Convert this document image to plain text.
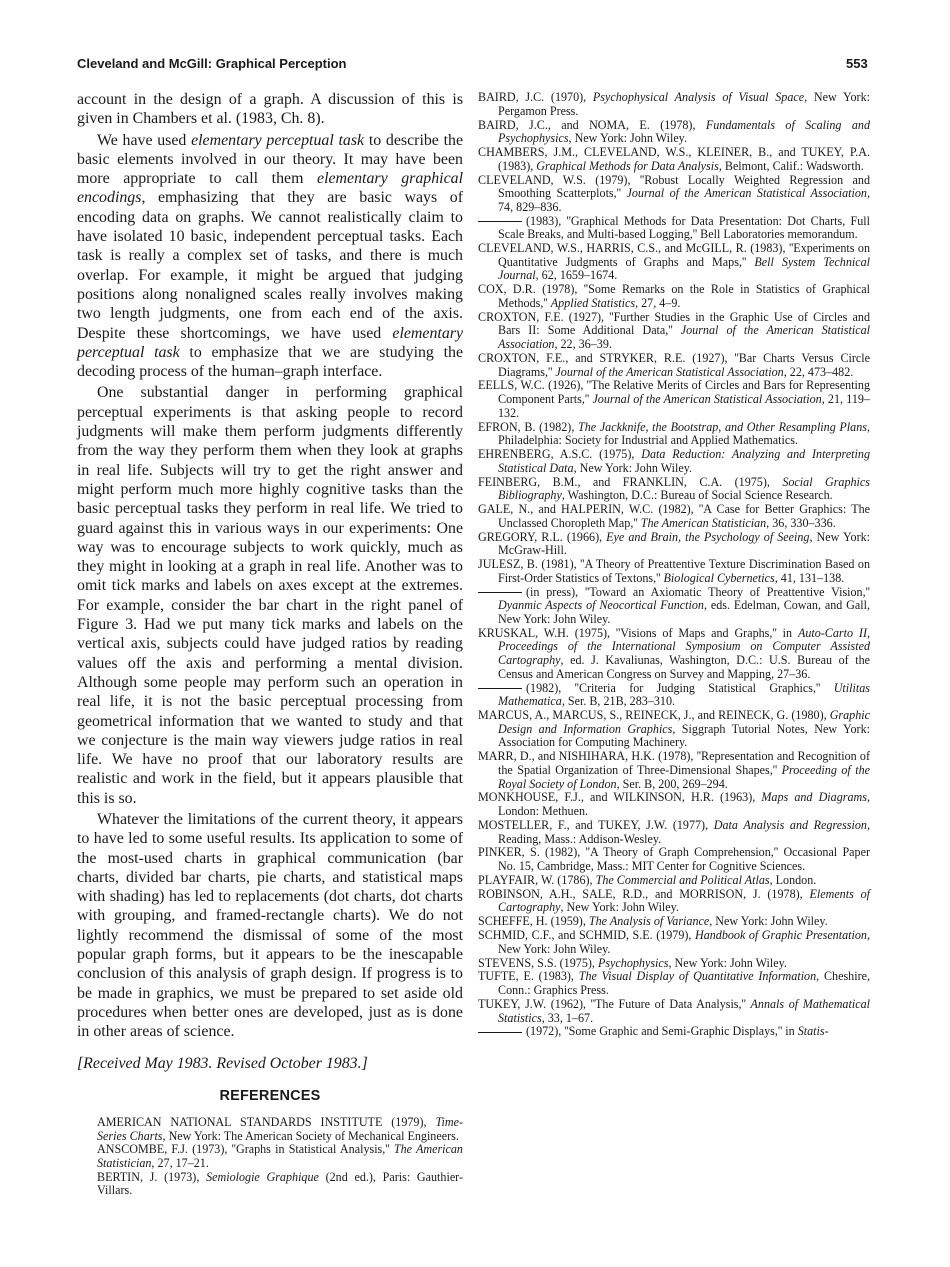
Cleveland and McGill: Graphical Perception	553

account in the design of a graph. A discussion of this is given in Chambers et al. (1983, Ch. 8).

We have used elementary perceptual task to describe the basic elements involved in our theory. It may have been more appropriate to call them elementary graphical encodings, emphasizing that they are basic ways of encoding data on graphs. We cannot realistically claim to have isolated 10 basic, independent perceptual tasks. Each task is really a complex set of tasks, and there is much overlap. For example, it might be argued that judging positions along nonaligned scales really involves making two length judgments, one from each end of the axis. Despite these shortcomings, we have used elementary perceptual task to emphasize that we are studying the decoding process of the human–graph interface.

One substantial danger in performing graphical perceptual experiments is that asking people to record judgments will make them perform judgments differently from the way they perform them when they look at graphs in real life. Subjects will try to get the right answer and might perform much more highly cognitive tasks than the basic perceptual tasks they perform in real life. We tried to guard against this in various ways in our experiments: One way was to encourage subjects to work quickly, much as they might in looking at a graph in real life. Another was to omit tick marks and labels on axes except at the extremes. For example, consider the bar chart in the right panel of Figure 3. Had we put many tick marks and labels on the vertical axis, subjects could have judged ratios by reading values off the axis and performing a mental division. Although some people may perform such an operation in real life, it is not the basic perceptual processing from geometrical information that we wanted to study and that we conjecture is the main way viewers judge ratios in real life. We have no proof that our laboratory results are realistic and work in the field, but it appears plausible that this is so.

Whatever the limitations of the current theory, it appears to have led to some useful results. Its application to some of the most-used charts in graphical communication (bar charts, divided bar charts, pie charts, and statistical maps with shading) has led to replacements (dot charts, dot charts with grouping, and framed-rectangle charts). We do not lightly recommend the dismissal of some of the most popular graph forms, but it appears to be the inescapable conclusion of this analysis of graph design. If progress is to be made in graphics, we must be prepared to set aside old procedures when better ones are developed, just as is done in other areas of science.

[Received May 1983. Revised October 1983.]

REFERENCES

AMERICAN NATIONAL STANDARDS INSTITUTE (1979), Time-Series Charts, New York: The American Society of Mechanical Engineers.

ANSCOMBE, F.J. (1973), ''Graphs in Statistical Analysis,'' The American Statistician, 27, 17–21.

BERTIN, J. (1973), Semiologie Graphique (2nd ed.), Paris: Gauthier-Villars.

BAIRD, J.C. (1970), Psychophysical Analysis of Visual Space, New York: Pergamon Press.

BAIRD, J.C., and NOMA, E. (1978), Fundamentals of Scaling and Psychophysics, New York: John Wiley.

CHAMBERS, J.M., CLEVELAND, W.S., KLEINER, B., and TUKEY, P.A. (1983), Graphical Methods for Data Analysis, Belmont, Calif.: Wadsworth.

CLEVELAND, W.S. (1979), ''Robust Locally Weighted Regression and Smoothing Scatterplots,'' Journal of the American Statistical Association, 74, 829–836.

(1983), ''Graphical Methods for Data Presentation: Dot Charts, Full Scale Breaks, and Multi-based Logging,'' Bell Laboratories memorandum.

CLEVELAND, W.S., HARRIS, C.S., and McGILL, R. (1983), ''Experiments on Quantitative Judgments of Graphs and Maps,'' Bell System Technical Journal, 62, 1659–1674.

COX, D.R. (1978), ''Some Remarks on the Role in Statistics of Graphical Methods,'' Applied Statistics, 27, 4–9.

CROXTON, F.E. (1927), ''Further Studies in the Graphic Use of Circles and Bars II: Some Additional Data,'' Journal of the American Statistical Association, 22, 36–39.

CROXTON, F.E., and STRYKER, R.E. (1927), ''Bar Charts Versus Circle Diagrams,'' Journal of the American Statistical Association, 22, 473–482.

EELLS, W.C. (1926), ''The Relative Merits of Circles and Bars for Representing Component Parts,'' Journal of the American Statistical Association, 21, 119–132.

EFRON, B. (1982), The Jackknife, the Bootstrap, and Other Resampling Plans, Philadelphia: Society for Industrial and Applied Mathematics.

EHRENBERG, A.S.C. (1975), Data Reduction: Analyzing and Interpreting Statistical Data, New York: John Wiley.

FEINBERG, B.M., and FRANKLIN, C.A. (1975), Social Graphics Bibliography, Washington, D.C.: Bureau of Social Science Research.

GALE, N., and HALPERIN, W.C. (1982), ''A Case for Better Graphics: The Unclassed Choropleth Map,'' The American Statistician, 36, 330–336.

GREGORY, R.L. (1966), Eye and Brain, the Psychology of Seeing, New York: McGraw-Hill.

JULESZ, B. (1981), ''A Theory of Preattentive Texture Discrimination Based on First-Order Statistics of Textons,'' Biological Cybernetics, 41, 131–138.

(in press), ''Toward an Axiomatic Theory of Preattentive Vision,'' Dyanmic Aspects of Neocortical Function, eds. Edelman, Cowan, and Gall, New York: John Wiley.

KRUSKAL, W.H. (1975), ''Visions of Maps and Graphs,'' in Auto-Carto II, Proceedings of the International Symposium on Computer Assisted Cartography, ed. J. Kavaliunas, Washington, D.C.: U.S. Bureau of the Census and American Congress on Survey and Mapping, 27–36.

(1982), ''Criteria for Judging Statistical Graphics,'' Utilitas Mathematica, Ser. B, 21B, 283–310.

MARCUS, A., MARCUS, S., REINECK, J., and REINECK, G. (1980), Graphic Design and Information Graphics, Siggraph Tutorial Notes, New York: Association for Computing Machinery.

MARR, D., and NISHIHARA, H.K. (1978), ''Representation and Recognition of the Spatial Organization of Three-Dimensional Shapes,'' Proceeding of the Royal Society of London, Ser. B, 200, 269–294.

MONKHOUSE, F.J., and WILKINSON, H.R. (1963), Maps and Diagrams, London: Methuen.

MOSTELLER, F., and TUKEY, J.W. (1977), Data Analysis and Regression, Reading, Mass.: Addison-Wesley.

PINKER, S. (1982), ''A Theory of Graph Comprehension,'' Occasional Paper No. 15, Cambridge, Mass.: MIT Center for Cognitive Sciences.

PLAYFAIR, W. (1786), The Commercial and Political Atlas, London.

ROBINSON, A.H., SALE, R.D., and MORRISON, J. (1978), Elements of Cartography, New York: John Wiley.

SCHEFFE, H. (1959), The Analysis of Variance, New York: John Wiley.

SCHMID, C.F., and SCHMID, S.E. (1979), Handbook of Graphic Presentation, New York: John Wiley.

STEVENS, S.S. (1975), Psychophysics, New York: John Wiley.

TUFTE, E. (1983), The Visual Display of Quantitative Information, Cheshire, Conn.: Graphics Press.

TUKEY, J.W. (1962), ''The Future of Data Analysis,'' Annals of Mathematical Statistics, 33, 1–67.

(1972), ''Some Graphic and Semi-Graphic Displays,'' in Statis-
